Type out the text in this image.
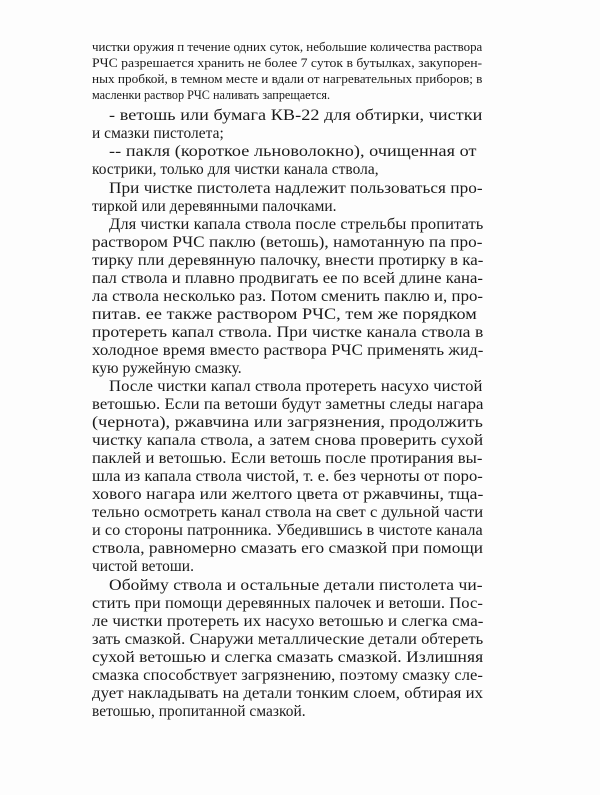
чистки оружия п течение одних суток, небольшие количества раствора
РЧС разрешается хранить не более 7 суток в бутылках, закупорен-
ных пробкой, в темном месте и вдали от нагревательных приборов; в
масленки раствор РЧС наливать запрещается.
- ветошь или бумага КВ-22 для обтирки, чистки
и смазки пистолета;
-- пакля (короткое льноволокно), очищенная от
кострики, только для чистки канала ствола,
При чистке пистолета надлежит пользоваться про-
тиркой или деревянными палочками.
Для чистки капала ствола после стрельбы пропитать
раствором РЧС паклю (ветошь), намотанную па про-
тирку пли деревянную палочку, внести протирку в ка-
пал ствола и плавно продвигать ее по всей длине кана-
ла ствола несколько раз. Потом сменить паклю и, про-
питав. ее также раствором РЧС, тем же порядком
протереть капал ствола. При чистке канала ствола в
холодное время вместо раствора РЧС применять жид-
кую ружейную смазку.
После чистки капал ствола протереть насухо чистой
ветошью. Если па ветоши будут заметны следы нагара
(чернота), ржавчина или загрязнения, продолжить
чистку капала ствола, а затем снова проверить сухой
паклей и ветошью. Если ветошь после протирания вы-
шла из капала ствола чистой, т. е. без черноты от поро-
хового нагара или желтого цвета от ржавчины, тща-
тельно осмотреть канал ствола на свет с дульной части
и со стороны патронника. Убедившись в чистоте канала
ствола, равномерно смазать его смазкой при помощи
чистой ветоши.
Обойму ствола и остальные детали пистолета чи-
стить при помощи деревянных палочек и ветоши. Пос-
ле чистки протереть их насухо ветошью и слегка сма-
зать смазкой. Снаружи металлические детали обтереть
сухой ветошью и слегка смазать смазкой. Излишняя
смазка способствует загрязнению, поэтому смазку сле-
дует накладывать на детали тонким слоем, обтирая их
ветошью, пропитанной смазкой.
